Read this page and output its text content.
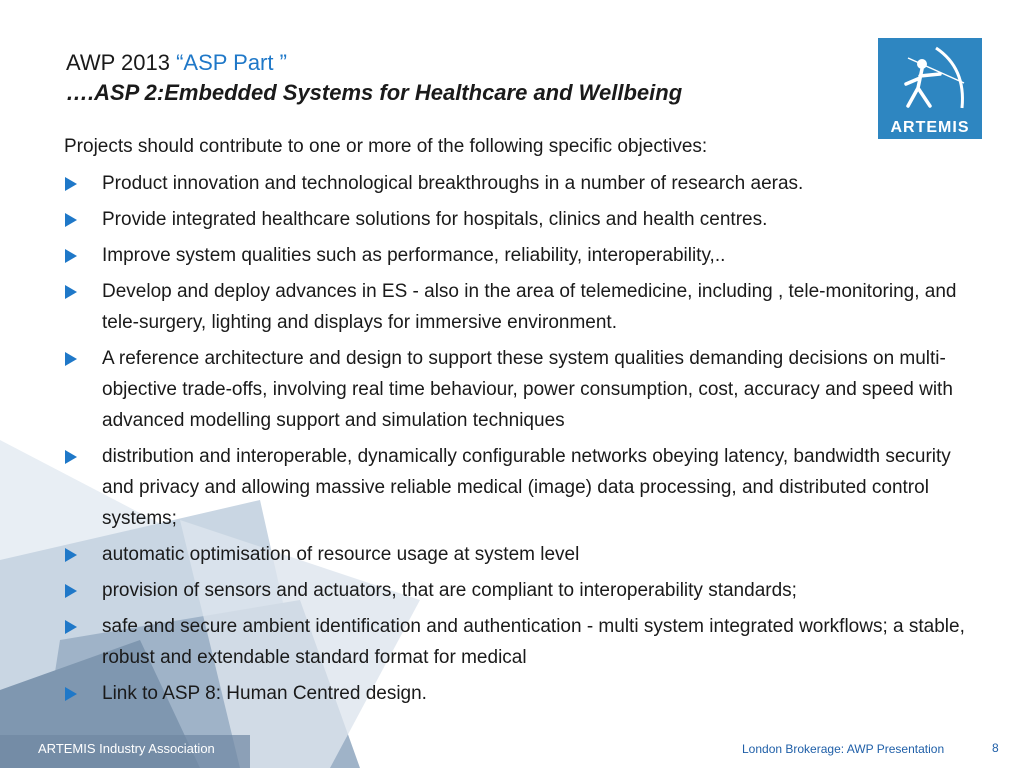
AWP 2013 “ASP Part ”
….ASP 2:Embedded Systems for Healthcare and Wellbeing
ARTEMIS

Projects should contribute to one or more of the following specific objectives:

Product innovation and technological breakthroughs in a number of research aeras.
Provide integrated healthcare solutions for hospitals, clinics and health centres.
Improve system qualities such as performance, reliability, interoperability,..
Develop and deploy advances in ES - also in the area of telemedicine, including , tele-monitoring, and tele-surgery, lighting and displays for immersive environment.
A reference architecture and design to support these system qualities demanding decisions on multi-objective trade-offs, involving real time behaviour, power consumption, cost, accuracy and speed with advanced modelling support and simulation techniques
distribution and interoperable, dynamically configurable networks obeying latency, bandwidth security and privacy and allowing massive reliable medical (image) data processing, and distributed control systems;
automatic optimisation of resource usage at system level
provision of sensors and actuators, that are compliant to interoperability standards;
safe and secure ambient identification and authentication - multi system integrated workflows; a stable, robust and extendable standard format for medical
Link to ASP 8: Human Centred design.
ARTEMIS Industry Association	London Brokerage: AWP Presentation	8
